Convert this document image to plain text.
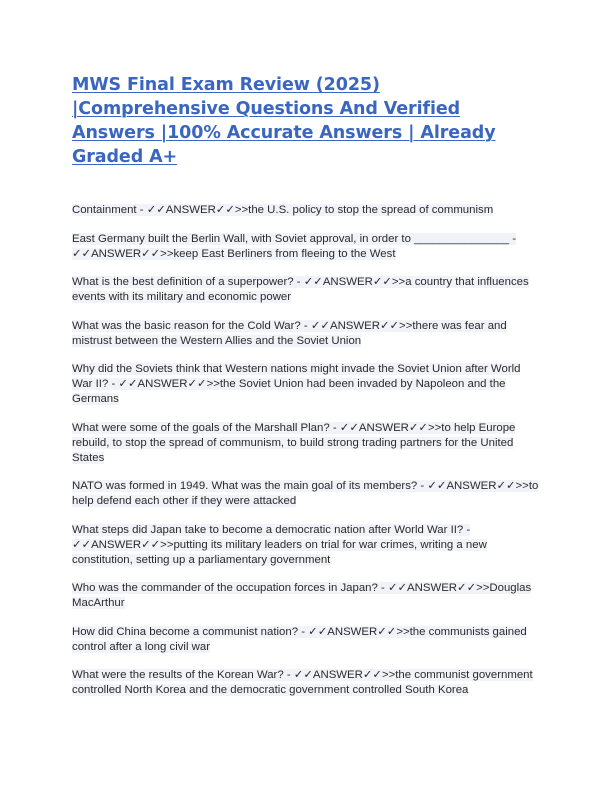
MWS Final Exam Review (2025) |Comprehensive Questions And Verified Answers |100% Accurate Answers | Already Graded A+

Containment - ✓✓ANSWER✓✓>>the U.S. policy to stop the spread of communism

East Germany built the Berlin Wall, with Soviet approval, in order to _______________ - ✓✓ANSWER✓✓>>keep East Berliners from fleeing to the West

What is the best definition of a superpower? - ✓✓ANSWER✓✓>>a country that influences events with its military and economic power

What was the basic reason for the Cold War? - ✓✓ANSWER✓✓>>there was fear and mistrust between the Western Allies and the Soviet Union

Why did the Soviets think that Western nations might invade the Soviet Union after World War II? - ✓✓ANSWER✓✓>>the Soviet Union had been invaded by Napoleon and the Germans

What were some of the goals of the Marshall Plan? - ✓✓ANSWER✓✓>>to help Europe rebuild, to stop the spread of communism, to build strong trading partners for the United States

NATO was formed in 1949. What was the main goal of its members? - ✓✓ANSWER✓✓>>to help defend each other if they were attacked

What steps did Japan take to become a democratic nation after World War II? - ✓✓ANSWER✓✓>>putting its military leaders on trial for war crimes, writing a new constitution, setting up a parliamentary government

Who was the commander of the occupation forces in Japan? - ✓✓ANSWER✓✓>>Douglas MacArthur

How did China become a communist nation? - ✓✓ANSWER✓✓>>the communists gained control after a long civil war

What were the results of the Korean War? - ✓✓ANSWER✓✓>>the communist government controlled North Korea and the democratic government controlled South Korea
